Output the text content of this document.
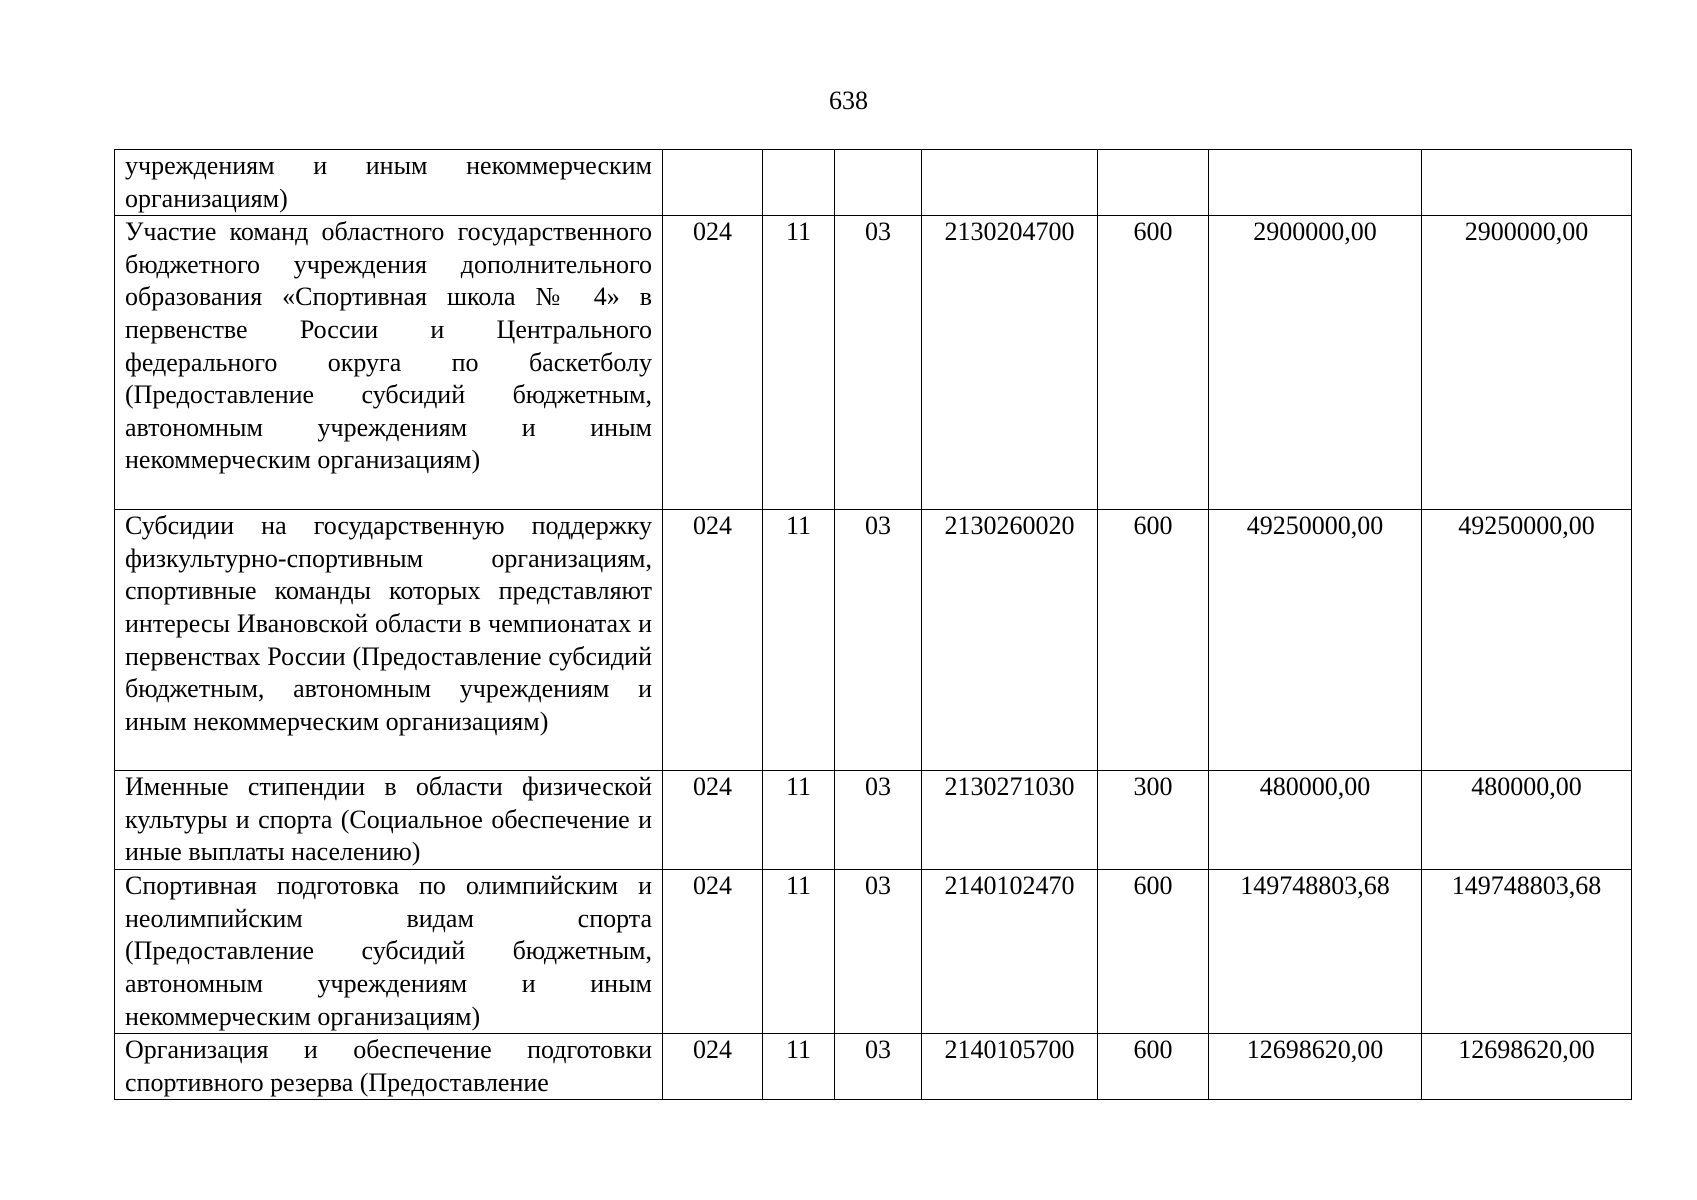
638
учреждениям и иным некоммерческим организациям)							
Участие команд областного государственного бюджетного учреждения дополнительного образования «Спортивная школа № 4» в первенстве России и Центрального федерального округа по баскетболу (Предоставление субсидий бюджетным, автономным учреждениям и иным некоммерческим организациям)	024	11	03	2130204700	600	2900000,00	2900000,00
Субсидии на государственную поддержку физкультурно-спортивным организациям, спортивные команды которых представляют интересы Ивановской области в чемпионатах и первенствах России (Предоставление субсидий бюджетным, автономным учреждениям и иным некоммерческим организациям)	024	11	03	2130260020	600	49250000,00	49250000,00
Именные стипендии в области физической культуры и спорта (Социальное обеспечение и иные выплаты населению)	024	11	03	2130271030	300	480000,00	480000,00
Спортивная подготовка по олимпийским и неолимпийским видам спорта (Предоставление субсидий бюджетным, автономным учреждениям и иным некоммерческим организациям)	024	11	03	2140102470	600	149748803,68	149748803,68
Организация и обеспечение подготовки спортивного резерва (Предоставление	024	11	03	2140105700	600	12698620,00	12698620,00
